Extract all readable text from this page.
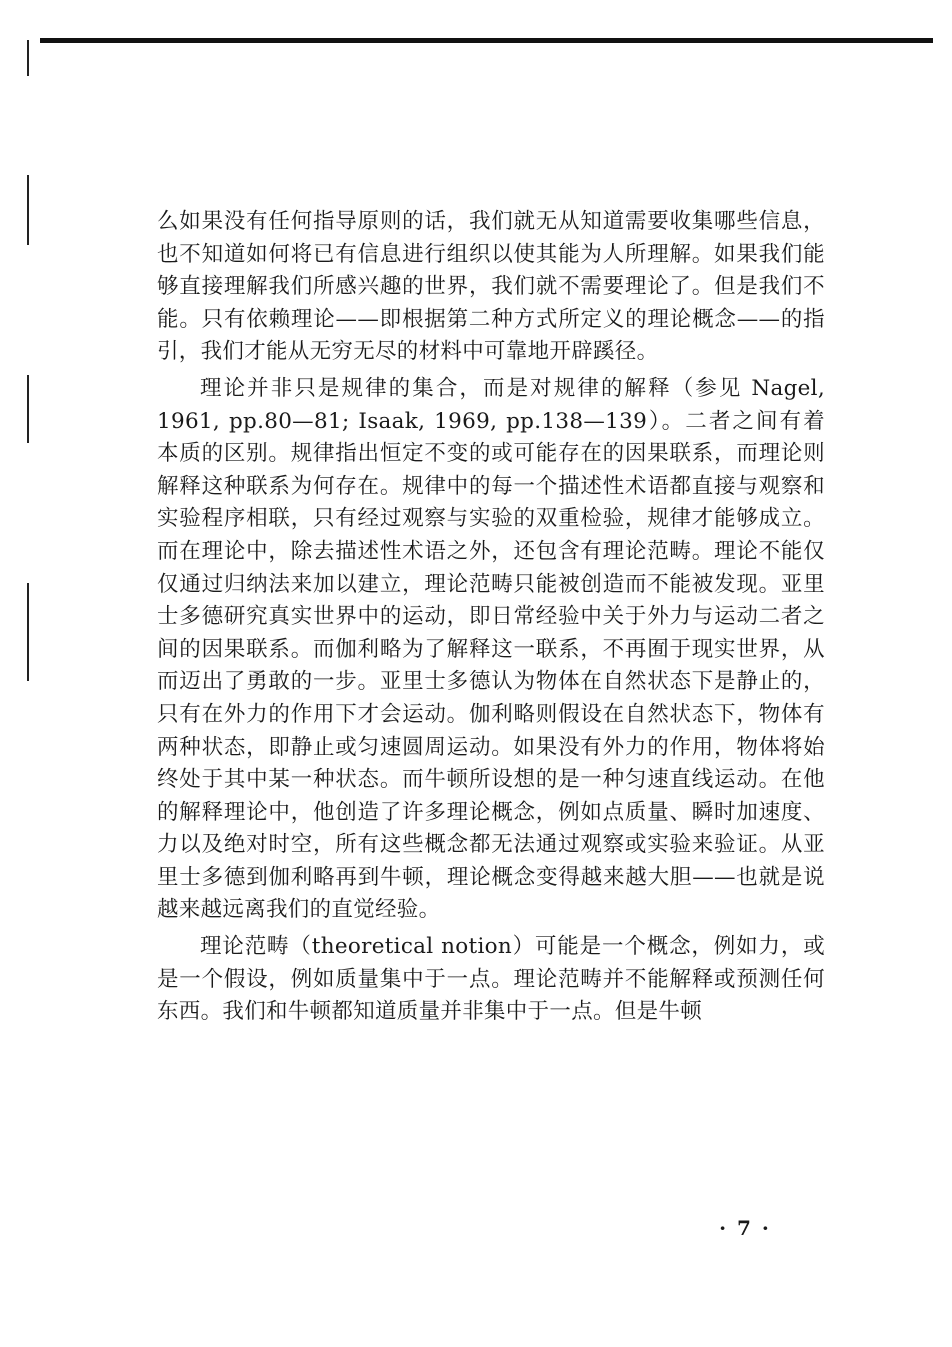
么如果没有任何指导原则的话，我们就无从知道需要收集哪些信息，也不知道如何将已有信息进行组织以使其能为人所理解。如果我们能够直接理解我们所感兴趣的世界，我们就不需要理论了。但是我们不能。只有依赖理论——即根据第二种方式所定义的理论概念——的指引，我们才能从无穷无尽的材料中可靠地开辟蹊径。

理论并非只是规律的集合，而是对规律的解释（参见 Nagel, 1961, pp.80—81; Isaak, 1969, pp.138—139）。二者之间有着本质的区别。规律指出恒定不变的或可能存在的因果联系，而理论则解释这种联系为何存在。规律中的每一个描述性术语都直接与观察和实验程序相联，只有经过观察与实验的双重检验，规律才能够成立。而在理论中，除去描述性术语之外，还包含有理论范畴。理论不能仅仅通过归纳法来加以建立，理论范畴只能被创造而不能被发现。亚里士多德研究真实世界中的运动，即日常经验中关于外力与运动二者之间的因果联系。而伽利略为了解释这一联系，不再囿于现实世界，从而迈出了勇敢的一步。亚里士多德认为物体在自然状态下是静止的，只有在外力的作用下才会运动。伽利略则假设在自然状态下，物体有两种状态，即静止或匀速圆周运动。如果没有外力的作用，物体将始终处于其中某一种状态。而牛顿所设想的是一种匀速直线运动。在他的解释理论中，他创造了许多理论概念，例如点质量、瞬时加速度、力以及绝对时空，所有这些概念都无法通过观察或实验来验证。从亚里士多德到伽利略再到牛顿，理论概念变得越来越大胆——也就是说越来越远离我们的直觉经验。

理论范畴（theoretical notion）可能是一个概念，例如力，或是一个假设，例如质量集中于一点。理论范畴并不能解释或预测任何东西。我们和牛顿都知道质量并非集中于一点。但是牛顿

· 7 ·
